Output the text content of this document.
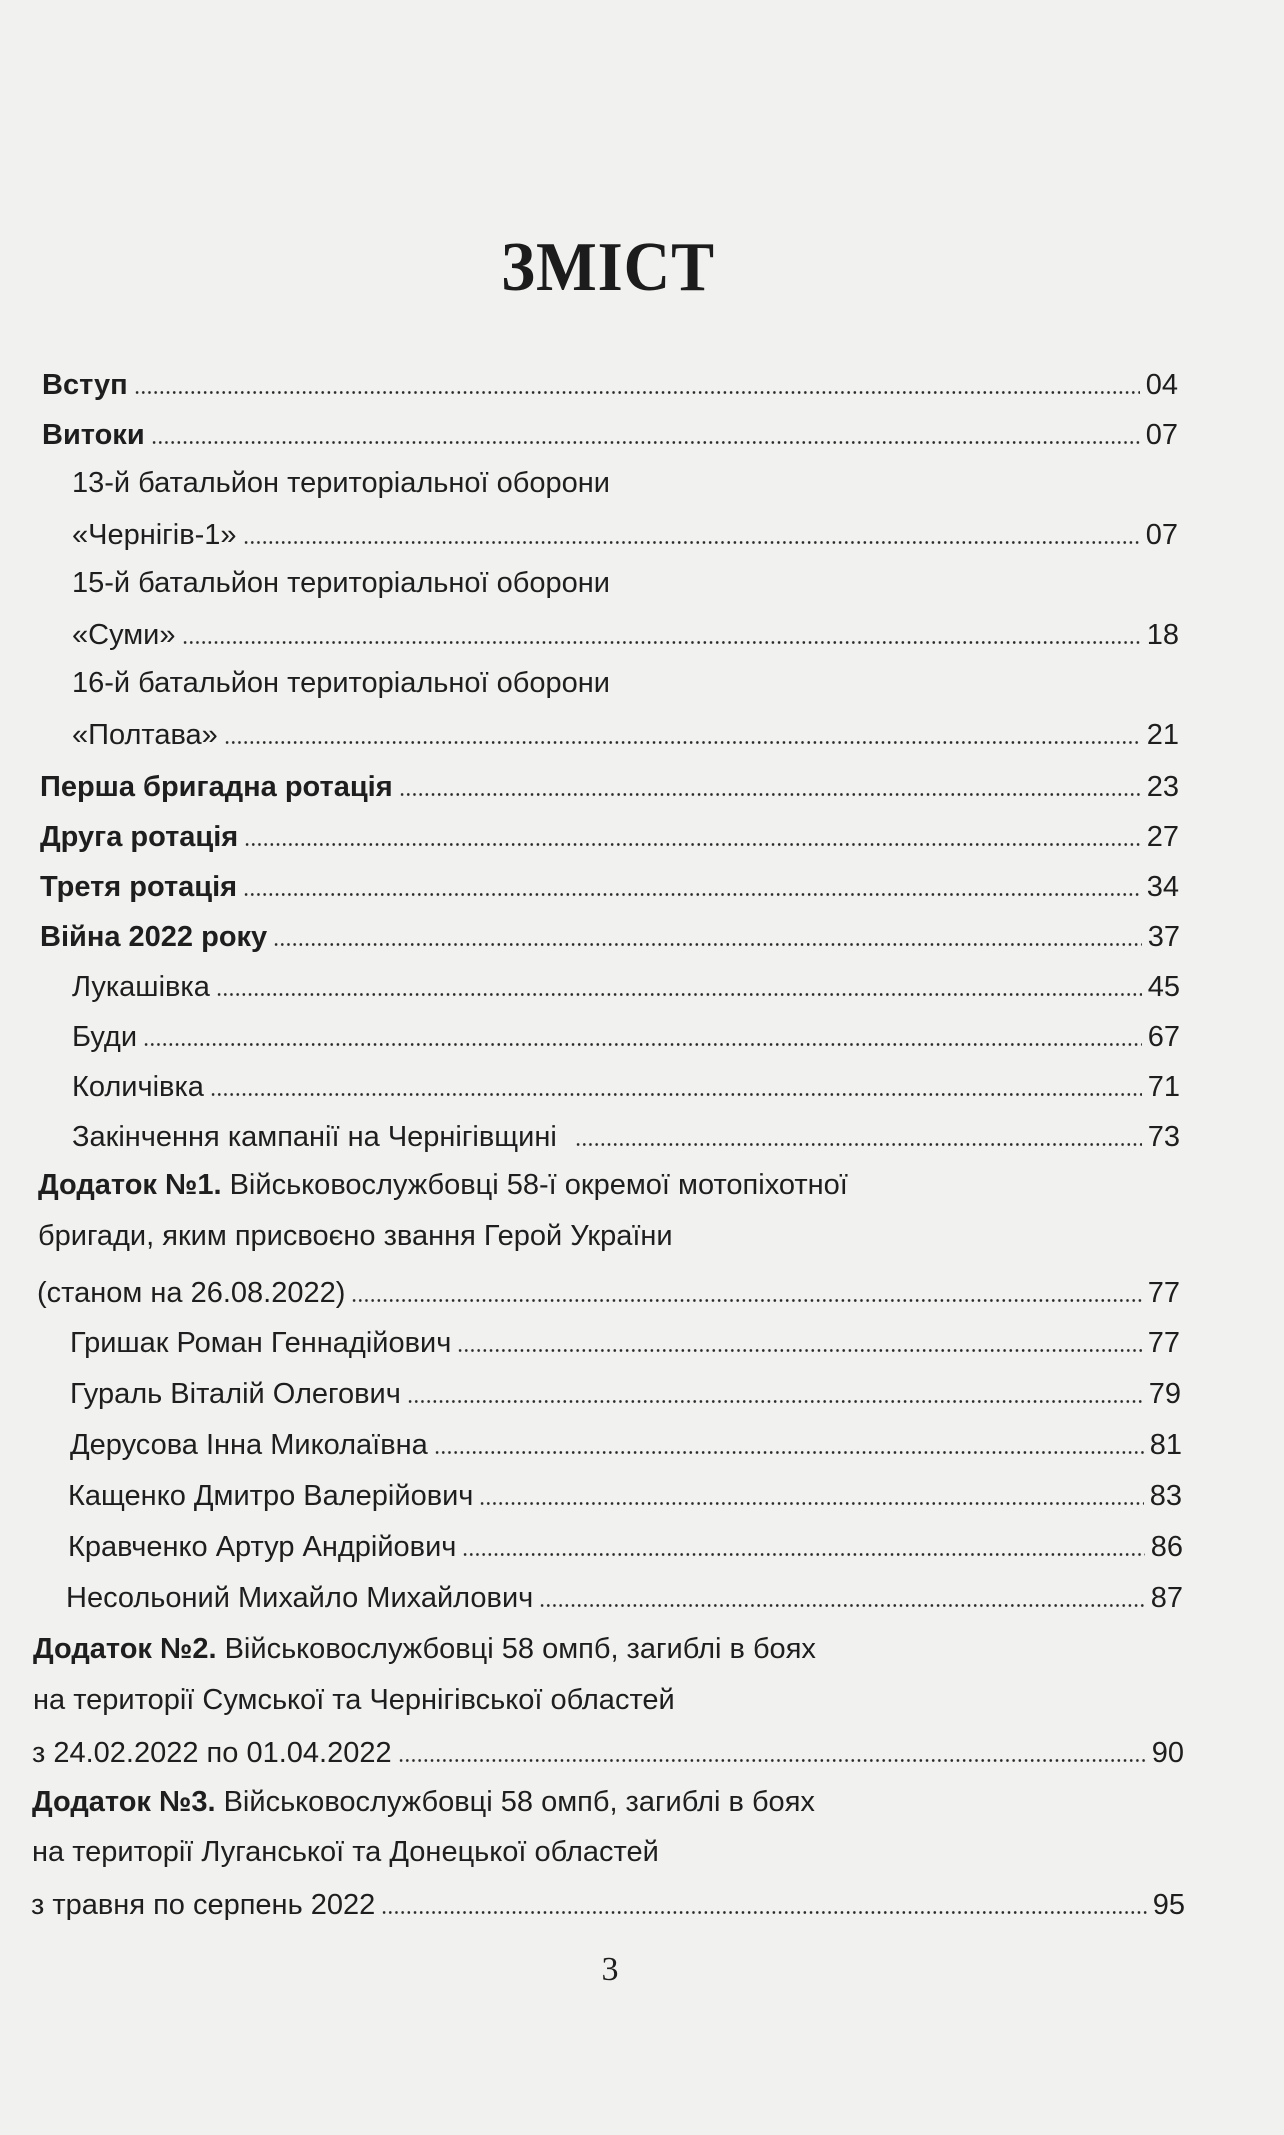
ЗМІСТ
Вступ	04
Витоки	07
13-й батальйон територіальної оборони
«Чернігів-1»	07
15-й батальйон територіальної оборони
«Суми»	18
16-й батальйон територіальної оборони
«Полтава»	21
Перша бригадна ротація	23
Друга ротація	27
Третя ротація	34
Війна 2022 року	37
Лукашівка	45
Буди	67
Количівка	71
Закінчення кампанії на Чернігівщині	73
Додаток №1. Військовослужбовці 58-ї окремої мотопіхотної
бригади, яким присвоєно звання Герой України
(станом на 26.08.2022)	77
Гришак Роман Геннадійович	77
Гураль Віталій Олегович	79
Дерусова Інна Миколаївна	81
Кащенко Дмитро Валерійович	83
Кравченко Артур Андрійович	86
Несольоний Михайло Михайлович	87
Додаток №2. Військовослужбовці 58 омпб, загиблі в боях
на території Сумської та Чернігівської областей
з 24.02.2022 по 01.04.2022	90
Додаток №3. Військовослужбовці 58 омпб, загиблі в боях
на території Луганської та Донецької областей
з травня по серпень 2022	95
3
